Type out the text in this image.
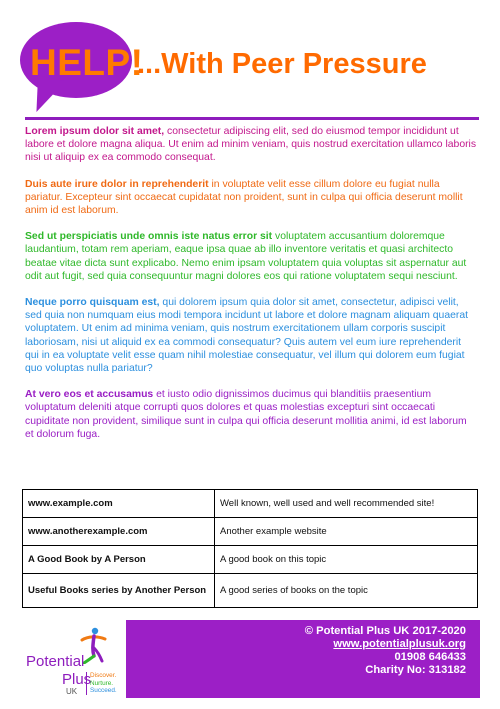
HELP!
...With Peer Pressure

Lorem ipsum dolor sit amet, consectetur adipiscing elit, sed do eiusmod tempor incididunt ut labore et dolore magna aliqua. Ut enim ad minim veniam, quis nostrud exercitation ullamco laboris nisi ut aliquip ex ea commodo consequat.

Duis aute irure dolor in reprehenderit in voluptate velit esse cillum dolore eu fugiat nulla pariatur. Excepteur sint occaecat cupidatat non proident, sunt in culpa qui officia deserunt mollit anim id est laborum.

Sed ut perspiciatis unde omnis iste natus error sit voluptatem accusantium doloremque laudantium, totam rem aperiam, eaque ipsa quae ab illo inventore veritatis et quasi architecto beatae vitae dicta sunt explicabo. Nemo enim ipsam voluptatem quia voluptas sit aspernatur aut odit aut fugit, sed quia consequuntur magni dolores eos qui ratione voluptatem sequi nesciunt.

Neque porro quisquam est, qui dolorem ipsum quia dolor sit amet, consectetur, adipisci velit, sed quia non numquam eius modi tempora incidunt ut labore et dolore magnam aliquam quaerat voluptatem. Ut enim ad minima veniam, quis nostrum exercitationem ullam corporis suscipit laboriosam, nisi ut aliquid ex ea commodi consequatur? Quis autem vel eum iure reprehenderit qui in ea voluptate velit esse quam nihil molestiae consequatur, vel illum qui dolorem eum fugiat quo voluptas nulla pariatur?

At vero eos et accusamus et iusto odio dignissimos ducimus qui blanditiis praesentium voluptatum deleniti atque corrupti quos dolores et quas molestias excepturi sint occaecati cupiditate non provident, similique sunt in culpa qui officia deserunt mollitia animi, id est laborum et dolorum fuga.

www.example.com	Well known, well used and well recommended site!
www.anotherexample.com	Another example website
A Good Book by A Person	A good book on this topic
Useful Books series by Another Person	A good series of books on the topic
Potential
Plus
UK
Discover.
Nurture.
Succeed.
© Potential Plus UK 2017-2020
www.potentialplusuk.org
01908 646433
Charity No: 313182
